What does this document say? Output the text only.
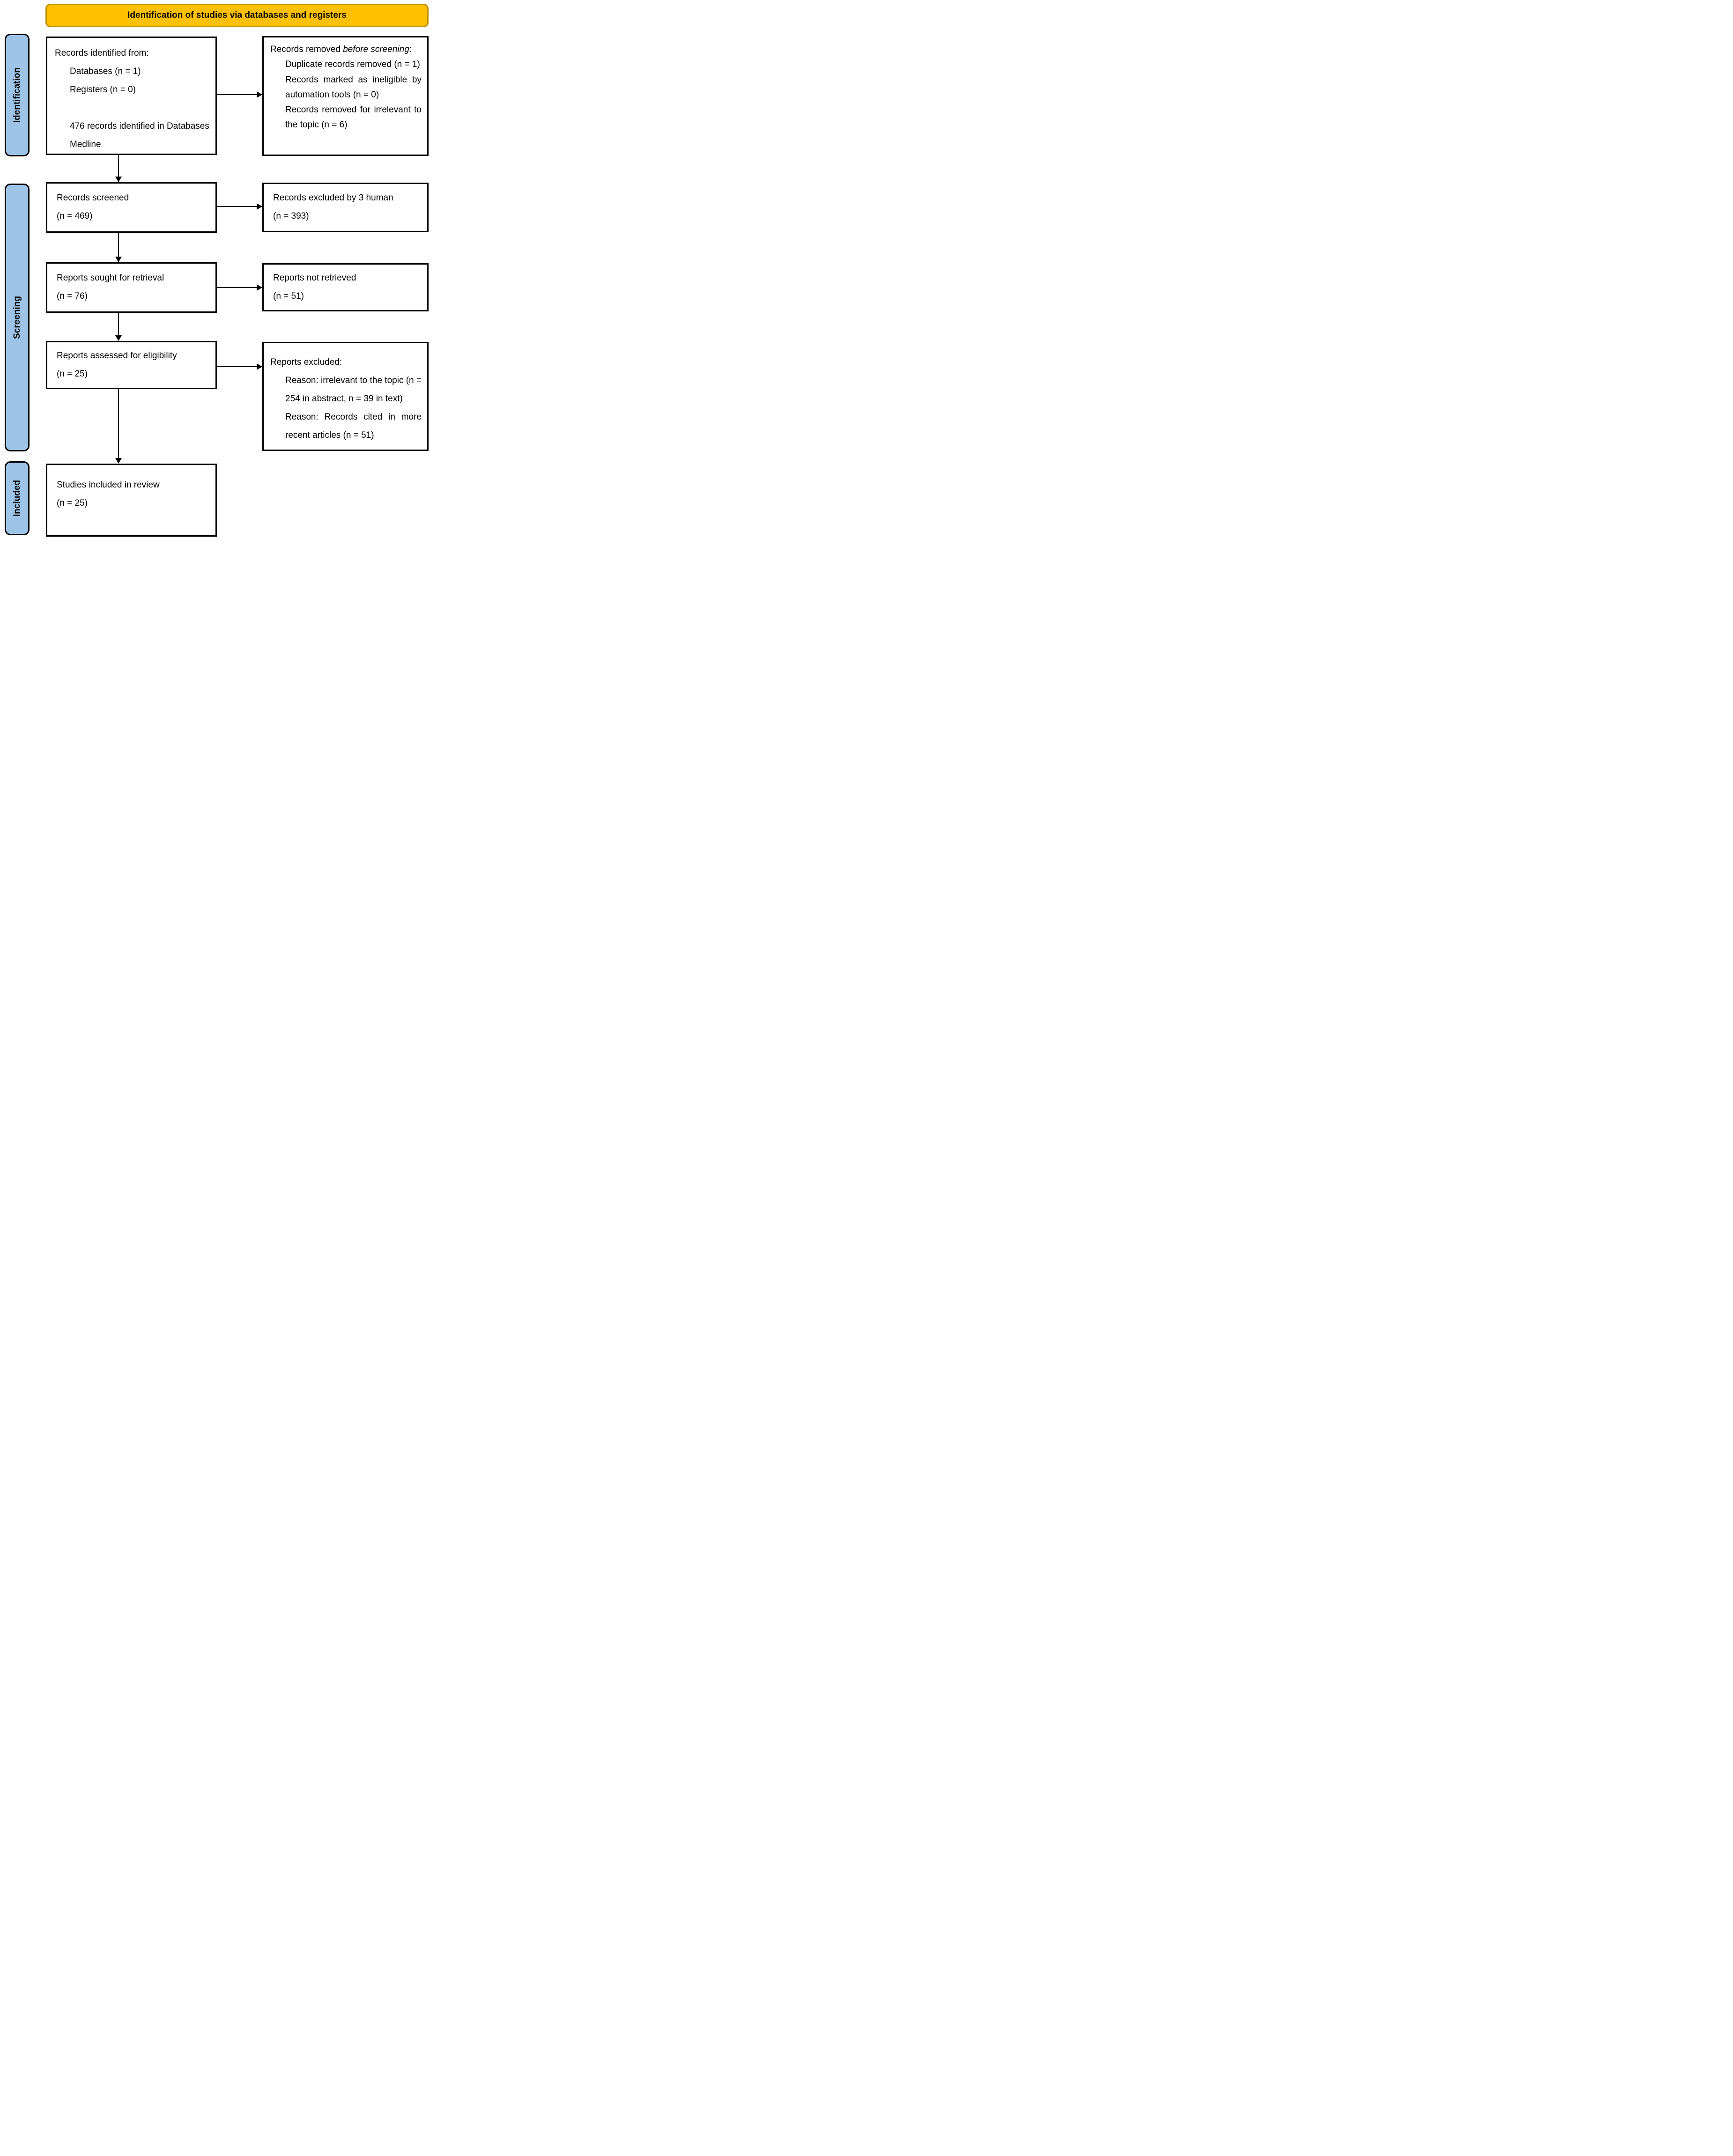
Identification of studies via databases and registers
Identification
Screening
Included
Records identified from:
Databases (n = 1)
Registers (n = 0)
476 records identified in Databases Medline
Records removed before screening:
Duplicate records removed (n = 1)
Records marked as ineligible by automation tools (n = 0)
Records removed for irrelevant to the topic (n = 6)
Records screened
(n = 469)
Records excluded by 3 human
(n = 393)
Reports sought for retrieval
(n = 76)
Reports not retrieved
(n = 51)
Reports assessed for eligibility
(n = 25)
Reports excluded:
Reason: irrelevant to the topic (n = 254 in abstract, n = 39 in text)
Reason: Records cited in more recent articles (n = 51)
Studies included in review
(n = 25)
